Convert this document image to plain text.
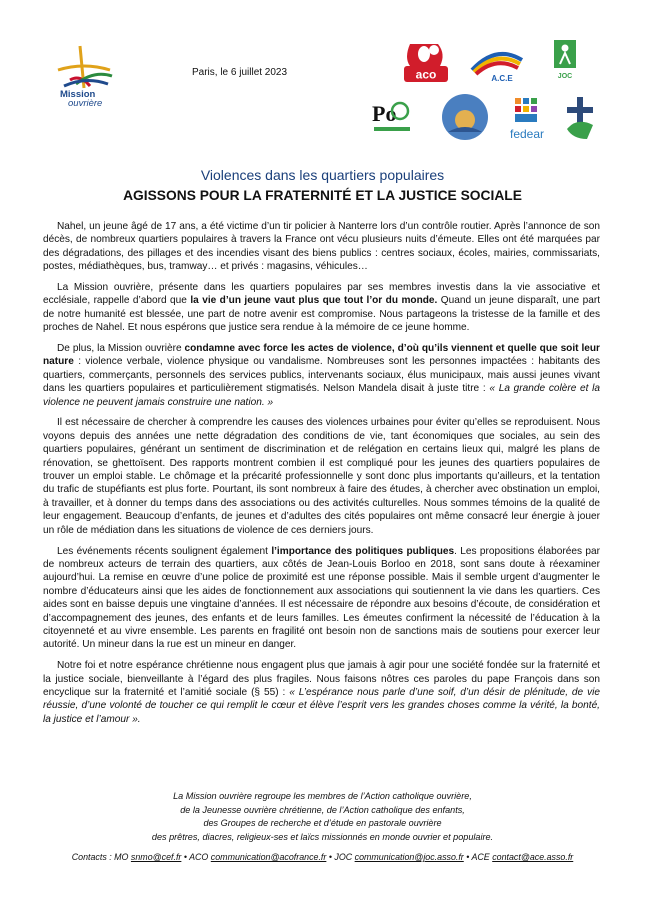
Mission
ouvrière
Paris, le 6 juillet 2023	aco	A.C.E	JOC
Po
fedear
Violences dans les quartiers populaires
AGISSONS POUR LA FRATERNITÉ ET LA JUSTICE SOCIALE

Nahel, un jeune âgé de 17 ans, a été victime d’un tir policier à Nanterre lors d’un contrôle routier. Après l’annonce de son décès, de nombreux quartiers populaires à travers la France ont vécu plusieurs nuits d’émeute. Elles ont été marquées par des dégradations, des pillages et des incendies visant des biens publics : centres sociaux, écoles, mairies, commissariats, postes, médiathèques, bus, tramway… et privés : magasins, véhicules…

La Mission ouvrière, présente dans les quartiers populaires par ses membres investis dans la vie associative et ecclésiale, rappelle d’abord que la vie d’un jeune vaut plus que tout l’or du monde. Quand un jeune disparaît, une part de notre humanité est blessée, une part de notre avenir est compromise. Nous partageons la tristesse de la famille et des proches de Nahel. Et nous espérons que justice sera rendue à la mémoire de ce jeune homme.

De plus, la Mission ouvrière condamne avec force les actes de violence, d’où qu’ils viennent et quelle que soit leur nature : violence verbale, violence physique ou vandalisme. Nombreuses sont les personnes impactées : habitants des quartiers, commerçants, personnels des services publics, intervenants sociaux, élus municipaux, mais aussi jeunes vivant dans les quartiers populaires et particulièrement stigmatisés. Nelson Mandela disait à juste titre : « La grande colère et la violence ne peuvent jamais construire une nation. »

Il est nécessaire de chercher à comprendre les causes des violences urbaines pour éviter qu’elles se reproduisent. Nous voyons depuis des années une nette dégradation des conditions de vie, tant économiques que sociales, au sein des quartiers populaires, générant un sentiment de discrimination et de relégation en certains lieux qui, malgré les plans de rénovation, se ghettoïsent. Des rapports montrent combien il est compliqué pour les jeunes des quartiers populaires de trouver un emploi stable. Le chômage et la précarité professionnelle y sont donc plus importants qu’ailleurs, et la tentation du trafic de stupéfiants est plus forte. Pourtant, ils sont nombreux à faire des études, à chercher avec obstination un emploi, à travailler, et à donner du temps dans des associations ou des activités culturelles. Nous sommes témoins de la qualité de leur engagement. Beaucoup d’enfants, de jeunes et d’adultes des cités populaires ont même consacré leur énergie à jouer un rôle de médiation dans les situations de violence de ces derniers jours.

Les événements récents soulignent également l’importance des politiques publiques. Les propositions élaborées par de nombreux acteurs de terrain des quartiers, aux côtés de Jean-Louis Borloo en 2018, sont sans doute à réexaminer aujourd’hui. La remise en œuvre d’une police de proximité est une réponse possible. Mais il semble urgent d’augmenter le nombre d’éducateurs ainsi que les aides de fonctionnement aux associations qui soutiennent la vie dans les quartiers. Ces aides sont en baisse depuis une vingtaine d’années. Il est nécessaire de répondre aux besoins d’écoute, de considération et d’accompagnement des jeunes, des enfants et de leurs familles. Les émeutes confirment la nécessité de l’éducation à la citoyenneté et au vivre ensemble. Les parents en fragilité ont besoin non de sanctions mais de soutiens pour exercer leur autorité. Un mineur dans la rue est un mineur en danger.

Notre foi et notre espérance chrétienne nous engagent plus que jamais à agir pour une société fondée sur la fraternité et la justice sociale, bienveillante à l’égard des plus fragiles. Nous faisons nôtres ces paroles du pape François dans son encyclique sur la fraternité et l’amitié sociale (§ 55) : « L’espérance nous parle d’une soif, d’un désir de plénitude, de vie réussie, d’une volonté de toucher ce qui remplit le cœur et élève l’esprit vers les grandes choses comme la vérité, la bonté, la justice et l’amour ».

La Mission ouvrière regroupe les membres de l’Action catholique ouvrière,
de la Jeunesse ouvrière chrétienne, de l’Action catholique des enfants,
des Groupes de recherche et d’étude en pastorale ouvrière
des prêtres, diacres, religieux-ses et laïcs missionnés en monde ouvrier et populaire.
Contacts : MO snmo@cef.fr • ACO communication@acofrance.fr • JOC communication@joc.asso.fr • ACE contact@ace.asso.fr
